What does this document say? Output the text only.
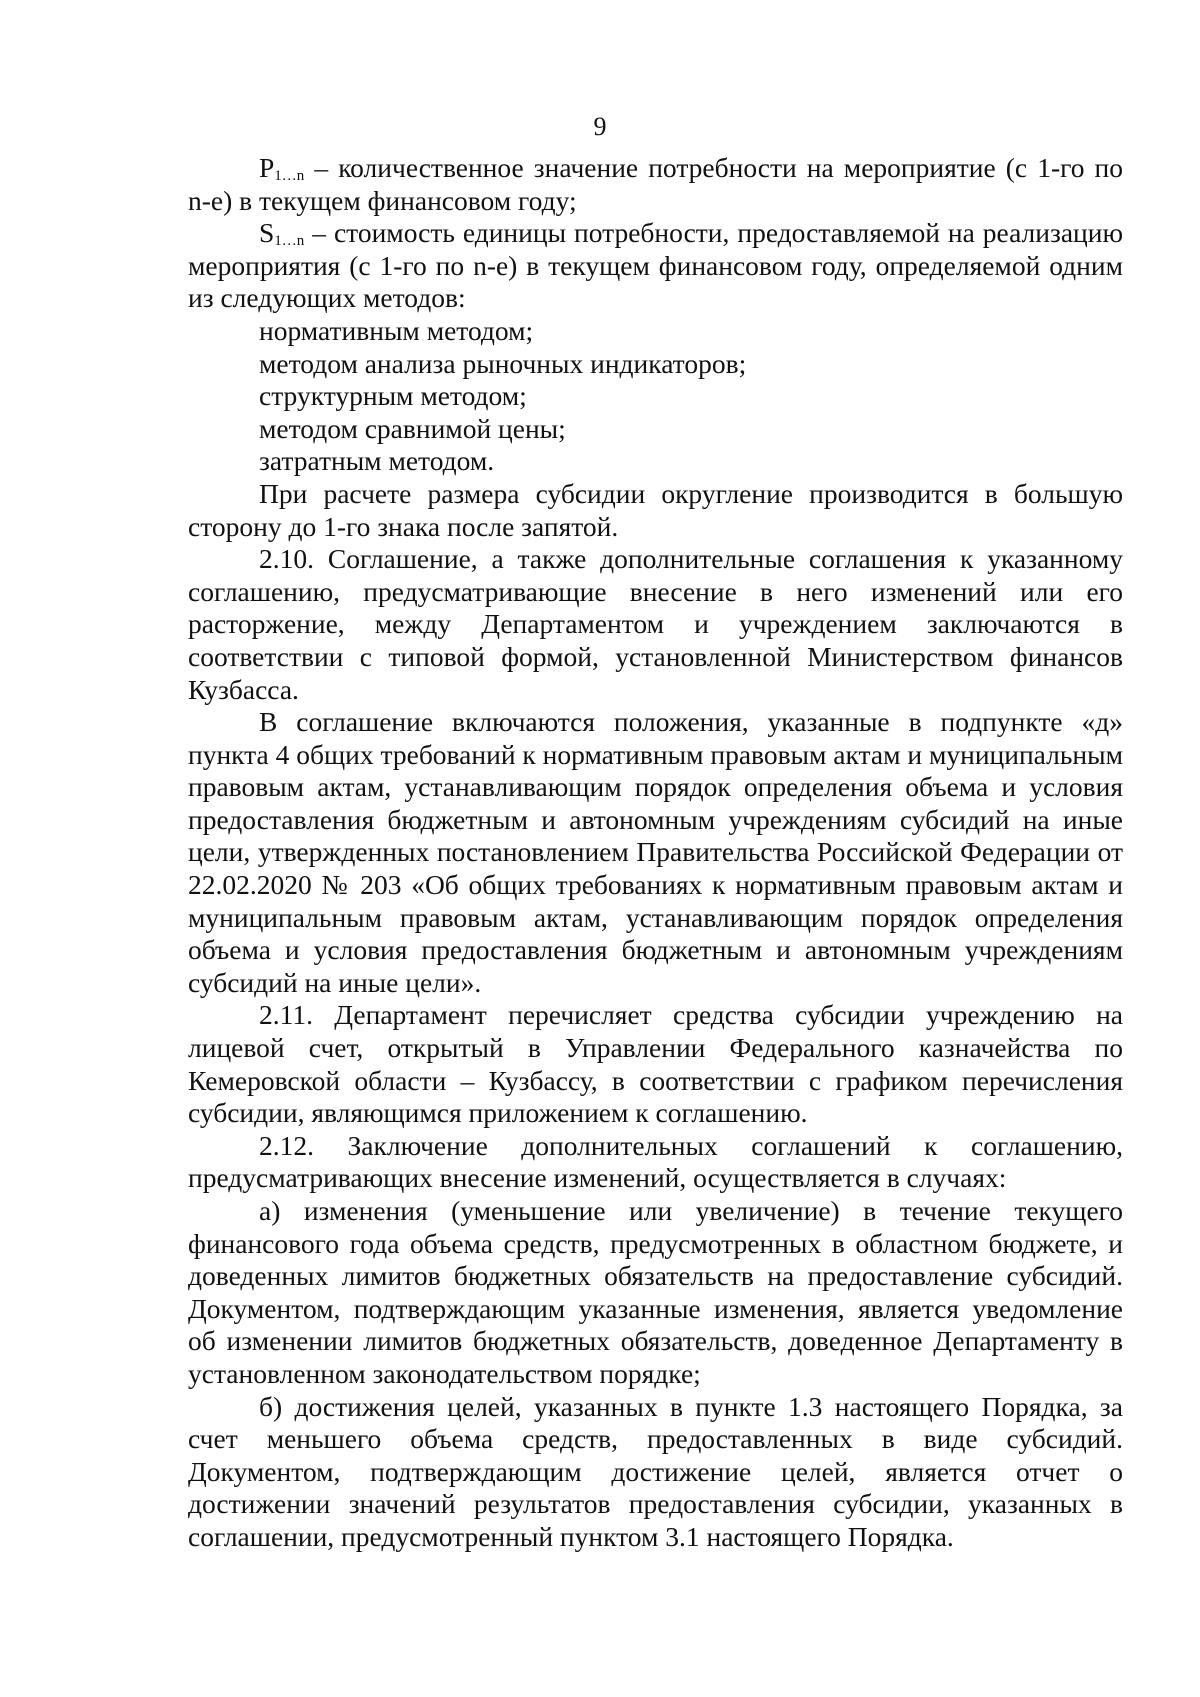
9

$P_{1\dots n}$ – количественное значение потребности на мероприятие (с 1-го по n-е) в текущем финансовом году;

$S_{1\dots n}$ – стоимость единицы потребности, предоставляемой на реализацию мероприятия (с 1-го по n-е) в текущем финансовом году, определяемой одним из следующих методов:

нормативным методом;

методом анализа рыночных индикаторов;

структурным методом;

методом сравнимой цены;

затратным методом.

При расчете размера субсидии округление производится в большую сторону до 1-го знака после запятой.

2.10. Соглашение, а также дополнительные соглашения к указанному соглашению, предусматривающие внесение в него изменений или его расторжение, между Департаментом и учреждением заключаются в соответствии с типовой формой, установленной Министерством финансов Кузбасса.

В соглашение включаются положения, указанные в подпункте «д» пункта 4 общих требований к нормативным правовым актам и муниципальным правовым актам, устанавливающим порядок определения объема и условия предоставления бюджетным и автономным учреждениям субсидий на иные цели, утвержденных постановлением Правительства Российской Федерации от 22.02.2020 № 203 «Об общих требованиях к нормативным правовым актам и муниципальным правовым актам, устанавливающим порядок определения объема и условия предоставления бюджетным и автономным учреждениям субсидий на иные цели».

2.11. Департамент перечисляет средства субсидии учреждению на лицевой счет, открытый в Управлении Федерального казначейства по Кемеровской области – Кузбассу, в соответствии с графиком перечисления субсидии, являющимся приложением к соглашению.

2.12. Заключение дополнительных соглашений к соглашению, предусматривающих внесение изменений, осуществляется в случаях:

а) изменения (уменьшение или увеличение) в течение текущего финансового года объема средств, предусмотренных в областном бюджете, и доведенных лимитов бюджетных обязательств на предоставление субсидий. Документом, подтверждающим указанные изменения, является уведомление об изменении лимитов бюджетных обязательств, доведенное Департаменту в установленном законодательством порядке;

б) достижения целей, указанных в пункте 1.3 настоящего Порядка, за счет меньшего объема средств, предоставленных в виде субсидий. Документом, подтверждающим достижение целей, является отчет о достижении значений результатов предоставления субсидии, указанных в соглашении, предусмотренный пунктом 3.1 настоящего Порядка.
